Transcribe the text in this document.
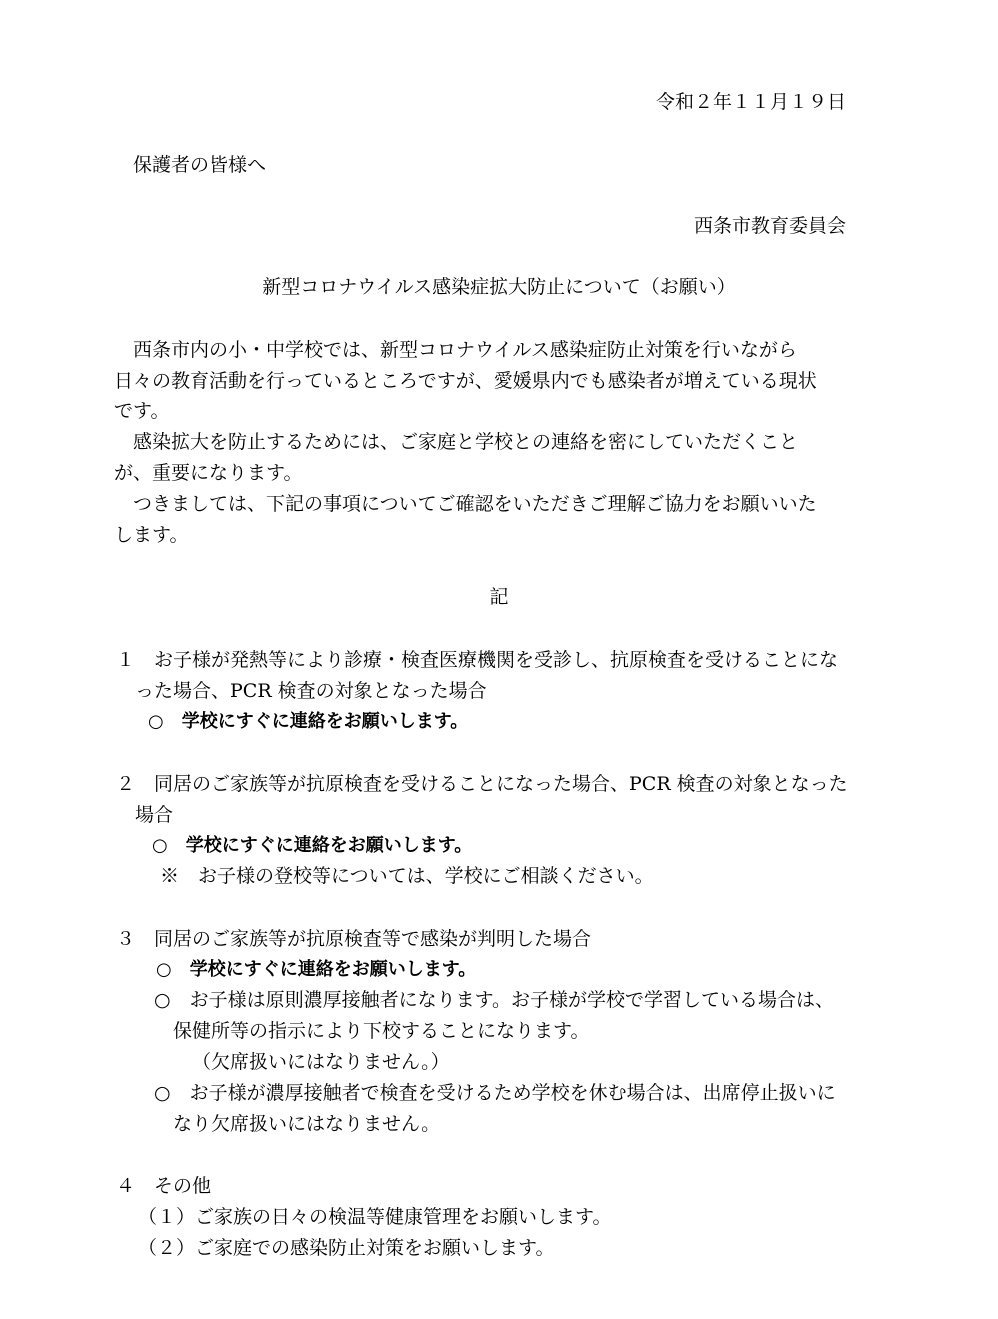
令和２年１１月１９日

保護者の皆様へ

西条市教育委員会

新型コロナウイルス感染症拡大防止について（お願い）

西条市内の小・中学校では、新型コロナウイルス感染症防止対策を行いながら

日々の教育活動を行っているところですが、愛媛県内でも感染者が増えている現状

です。

感染拡大を防止するためには、ご家庭と学校との連絡を密にしていただくこと

が、重要になります。

つきましては、下記の事項についてご確認をいただきご理解ご協力をお願いいた

します。

記

１　お子様が発熱等により診療・検査医療機関を受診し、抗原検査を受けることにな

った場合、PCR 検査の対象となった場合

○　学校にすぐに連絡をお願いします。

２　同居のご家族等が抗原検査を受けることになった場合、PCR 検査の対象となった

場合

○　学校にすぐに連絡をお願いします。

※　お子様の登校等については、学校にご相談ください。

３　同居のご家族等が抗原検査等で感染が判明した場合

○　学校にすぐに連絡をお願いします。

○　お子様は原則濃厚接触者になります。お子様が学校で学習している場合は、

保健所等の指示により下校することになります。

（欠席扱いにはなりません。）

○　お子様が濃厚接触者で検査を受けるため学校を休む場合は、出席停止扱いに

なり欠席扱いにはなりません。

４　その他

（１）ご家族の日々の検温等健康管理をお願いします。

（２）ご家庭での感染防止対策をお願いします。
